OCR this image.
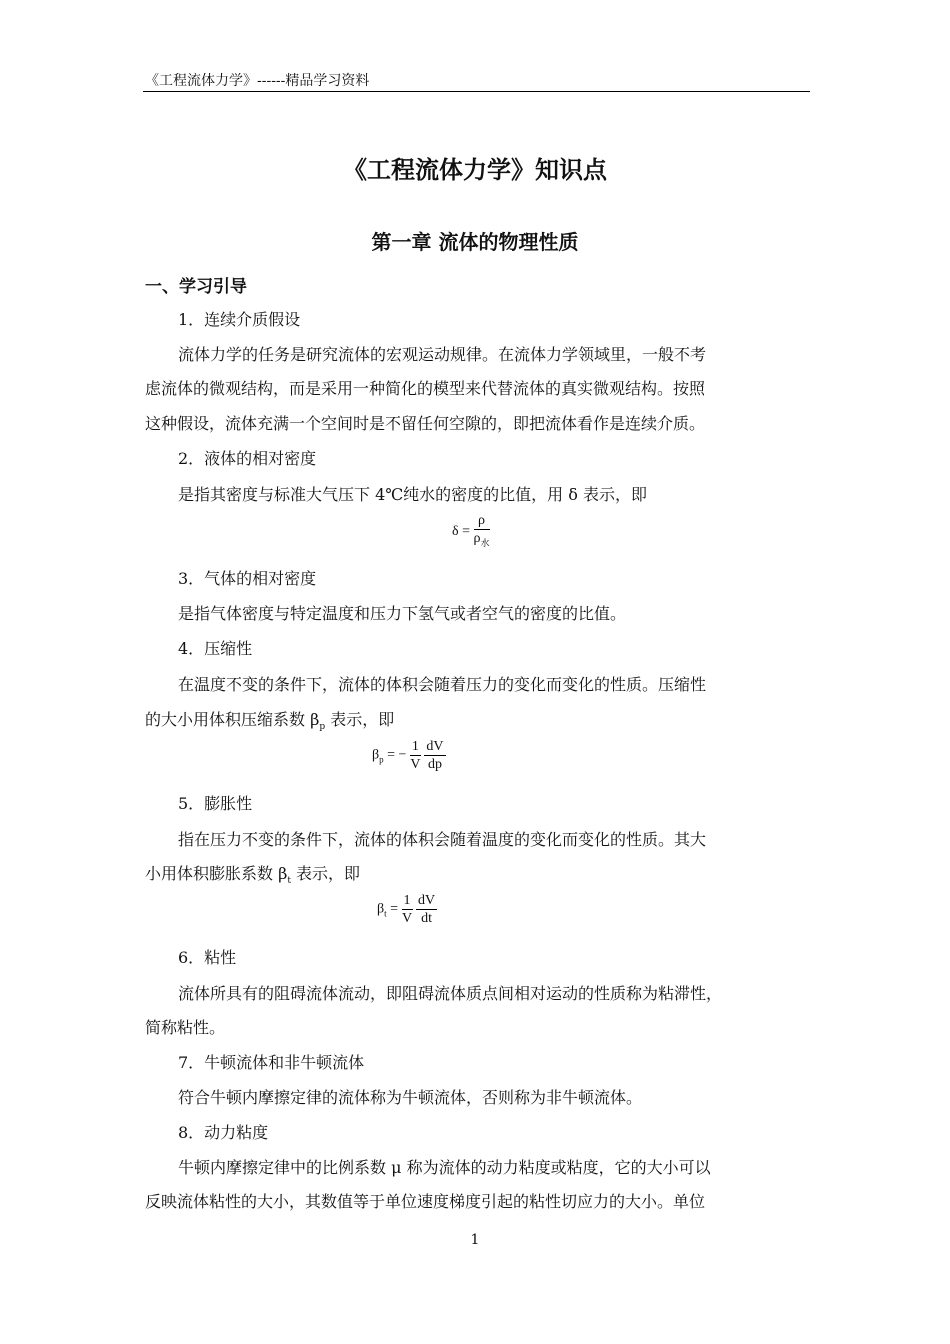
《工程流体力学》------精品学习资料
《工程流体力学》知识点
第一章 流体的物理性质
一、学习引导
1．连续介质假设
流体力学的任务是研究流体的宏观运动规律。在流体力学领域里，一般不考
虑流体的微观结构，而是采用一种简化的模型来代替流体的真实微观结构。按照
这种假设，流体充满一个空间时是不留任何空隙的，即把流体看作是连续介质。
2．液体的相对密度
是指其密度与标准大气压下 4℃纯水的密度的比值，用 δ 表示，即
$\delta = \frac{\rho}{\rho_水}$
3．气体的相对密度
是指气体密度与特定温度和压力下氢气或者空气的密度的比值。
4．压缩性
在温度不变的条件下，流体的体积会随着压力的变化而变化的性质。压缩性
的大小用体积压缩系数 $\beta_p$ 表示，即
$\beta_p$ = − $\frac{1}{V}$
$\frac{dV}{dp}$
5．膨胀性
指在压力不变的条件下，流体的体积会随着温度的变化而变化的性质。其大
小用体积膨胀系数 $\beta_t$ 表示，即
$\beta_t = \frac{1}{V}$
$\frac{dV}{dt}$
6．粘性
流体所具有的阻碍流体流动，即阻碍流体质点间相对运动的性质称为粘滞性，
简称粘性。
7．牛顿流体和非牛顿流体
符合牛顿内摩擦定律的流体称为牛顿流体，否则称为非牛顿流体。
8．动力粘度
牛顿内摩擦定律中的比例系数 μ 称为流体的动力粘度或粘度，它的大小可以
反映流体粘性的大小，其数值等于单位速度梯度引起的粘性切应力的大小。单位
1
